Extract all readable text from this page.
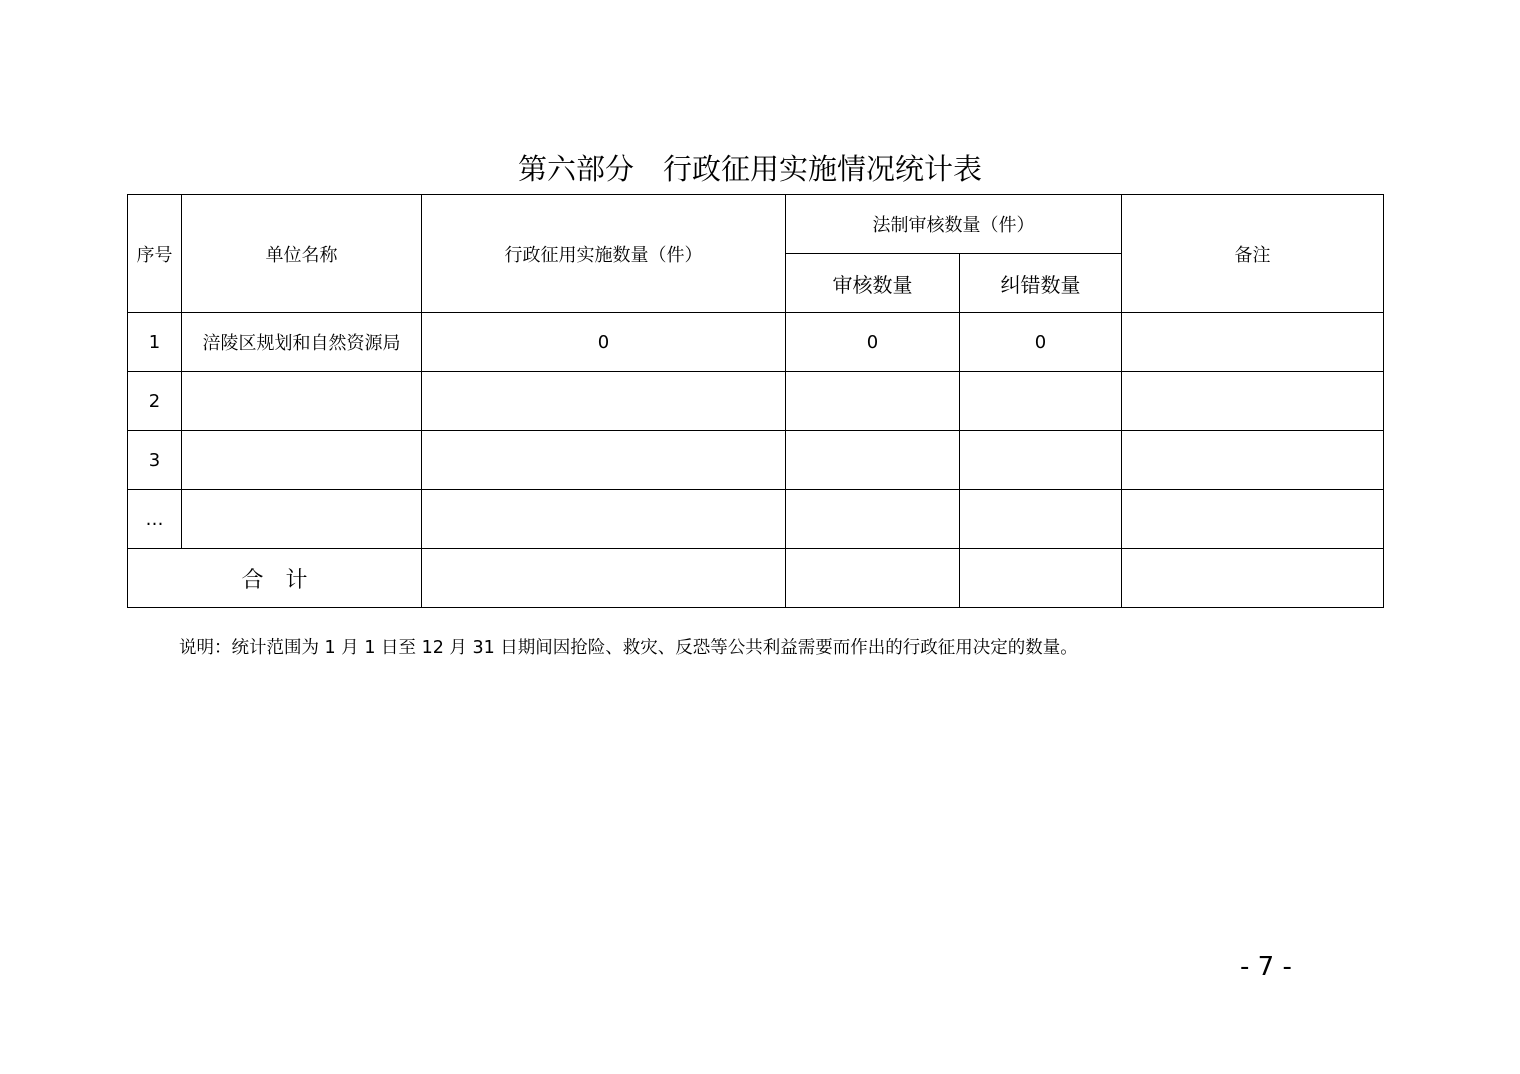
第六部分　行政征用实施情况统计表
序号	单位名称	行政征用实施数量（件）	法制审核数量（件）		备注
			审核数量	纠错数量	
1	涪陵区规划和自然资源局	0	0	0	
2					
3					
…					
合　计					
说明：统计范围为 1 月 1 日至 12 月 31 日期间因抢险、救灾、反恐等公共利益需要而作出的行政征用决定的数量。
- 7 -
